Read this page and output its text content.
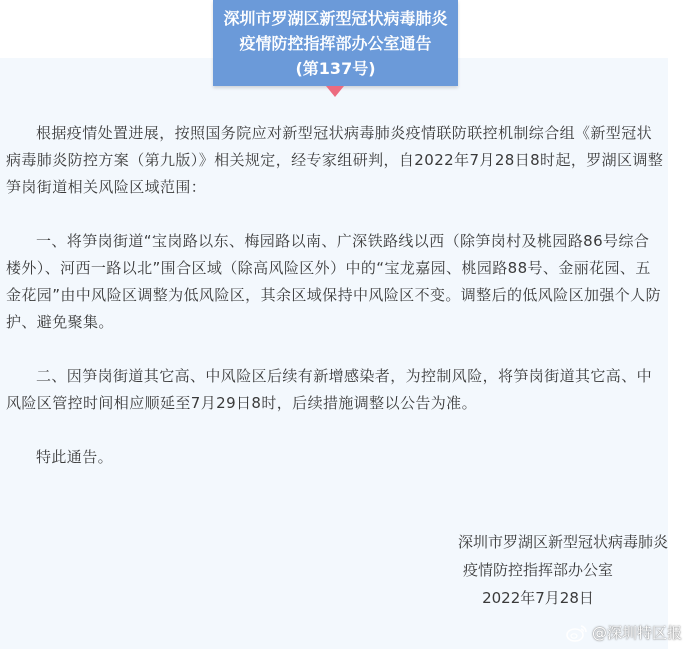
深圳市罗湖区新型冠状病毒肺炎
疫情防控指挥部办公室通告
(第137号)

根据疫情处置进展，按照国务院应对新型冠状病毒肺炎疫情联防联控机制综合组《新型冠状病毒肺炎防控方案（第九版）》相关规定，经专家组研判，自2022年7月28日8时起，罗湖区调整笋岗街道相关风险区域范围：

一、将笋岗街道“宝岗路以东、梅园路以南、广深铁路线以西（除笋岗村及桃园路86号综合楼外）、河西一路以北”围合区域（除高风险区外）中的“宝龙嘉园、桃园路88号、金丽花园、五金花园”由中风险区调整为低风险区，其余区域保持中风险区不变。调整后的低风险区加强个人防护、避免聚集。

二、因笋岗街道其它高、中风险区后续有新增感染者，为控制风险，将笋岗街道其它高、中风险区管控时间相应顺延至7月29日8时，后续措施调整以公告为准。

特此通告。

深圳市罗湖区新型冠状病毒肺炎
疫情防控指挥部办公室
2022年7月28日
@深圳特区报
